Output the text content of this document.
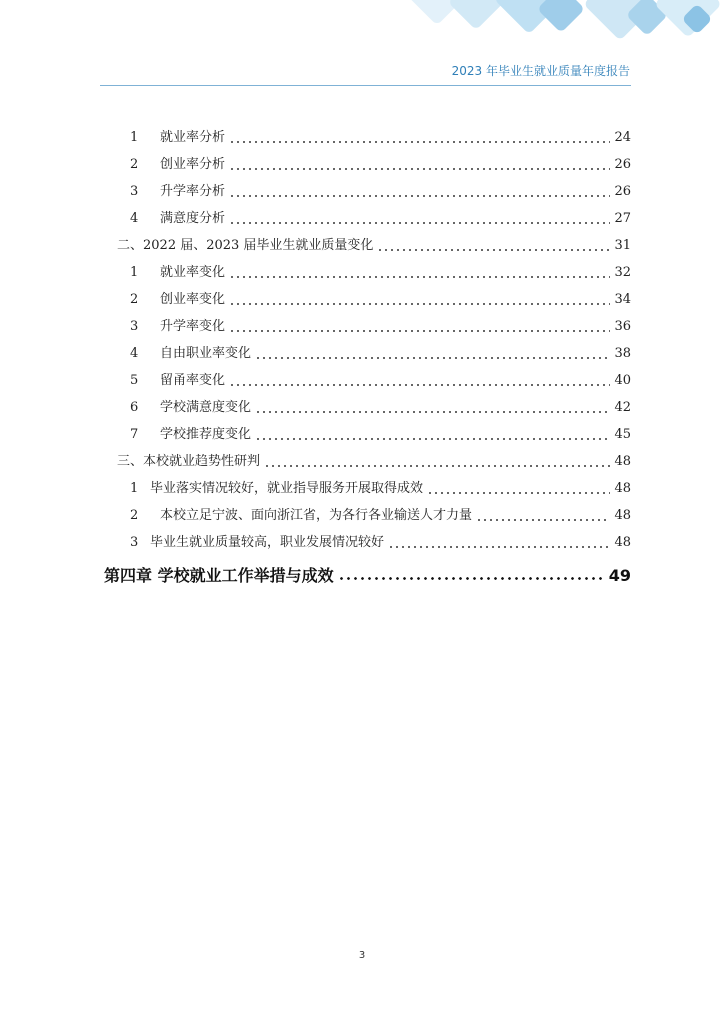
2023 年毕业生就业质量年度报告
1	就业率分析	24
2	创业率分析	26
3	升学率分析	26
4	满意度分析	27
二、2022 届、2023 届毕业生就业质量变化	31
1	就业率变化	32
2	创业率变化	34
3	升学率变化	36
4	自由职业率变化	38
5	留甬率变化	40
6	学校满意度变化	42
7	学校推荐度变化	45
三、本校就业趋势性研判	48
1 毕业落实情况较好，就业指导服务开展取得成效	48
2	本校立足宁波、面向浙江省，为各行各业输送人才力量	48
3 毕业生就业质量较高，职业发展情况较好	48
第四章 学校就业工作举措与成效	49
3
